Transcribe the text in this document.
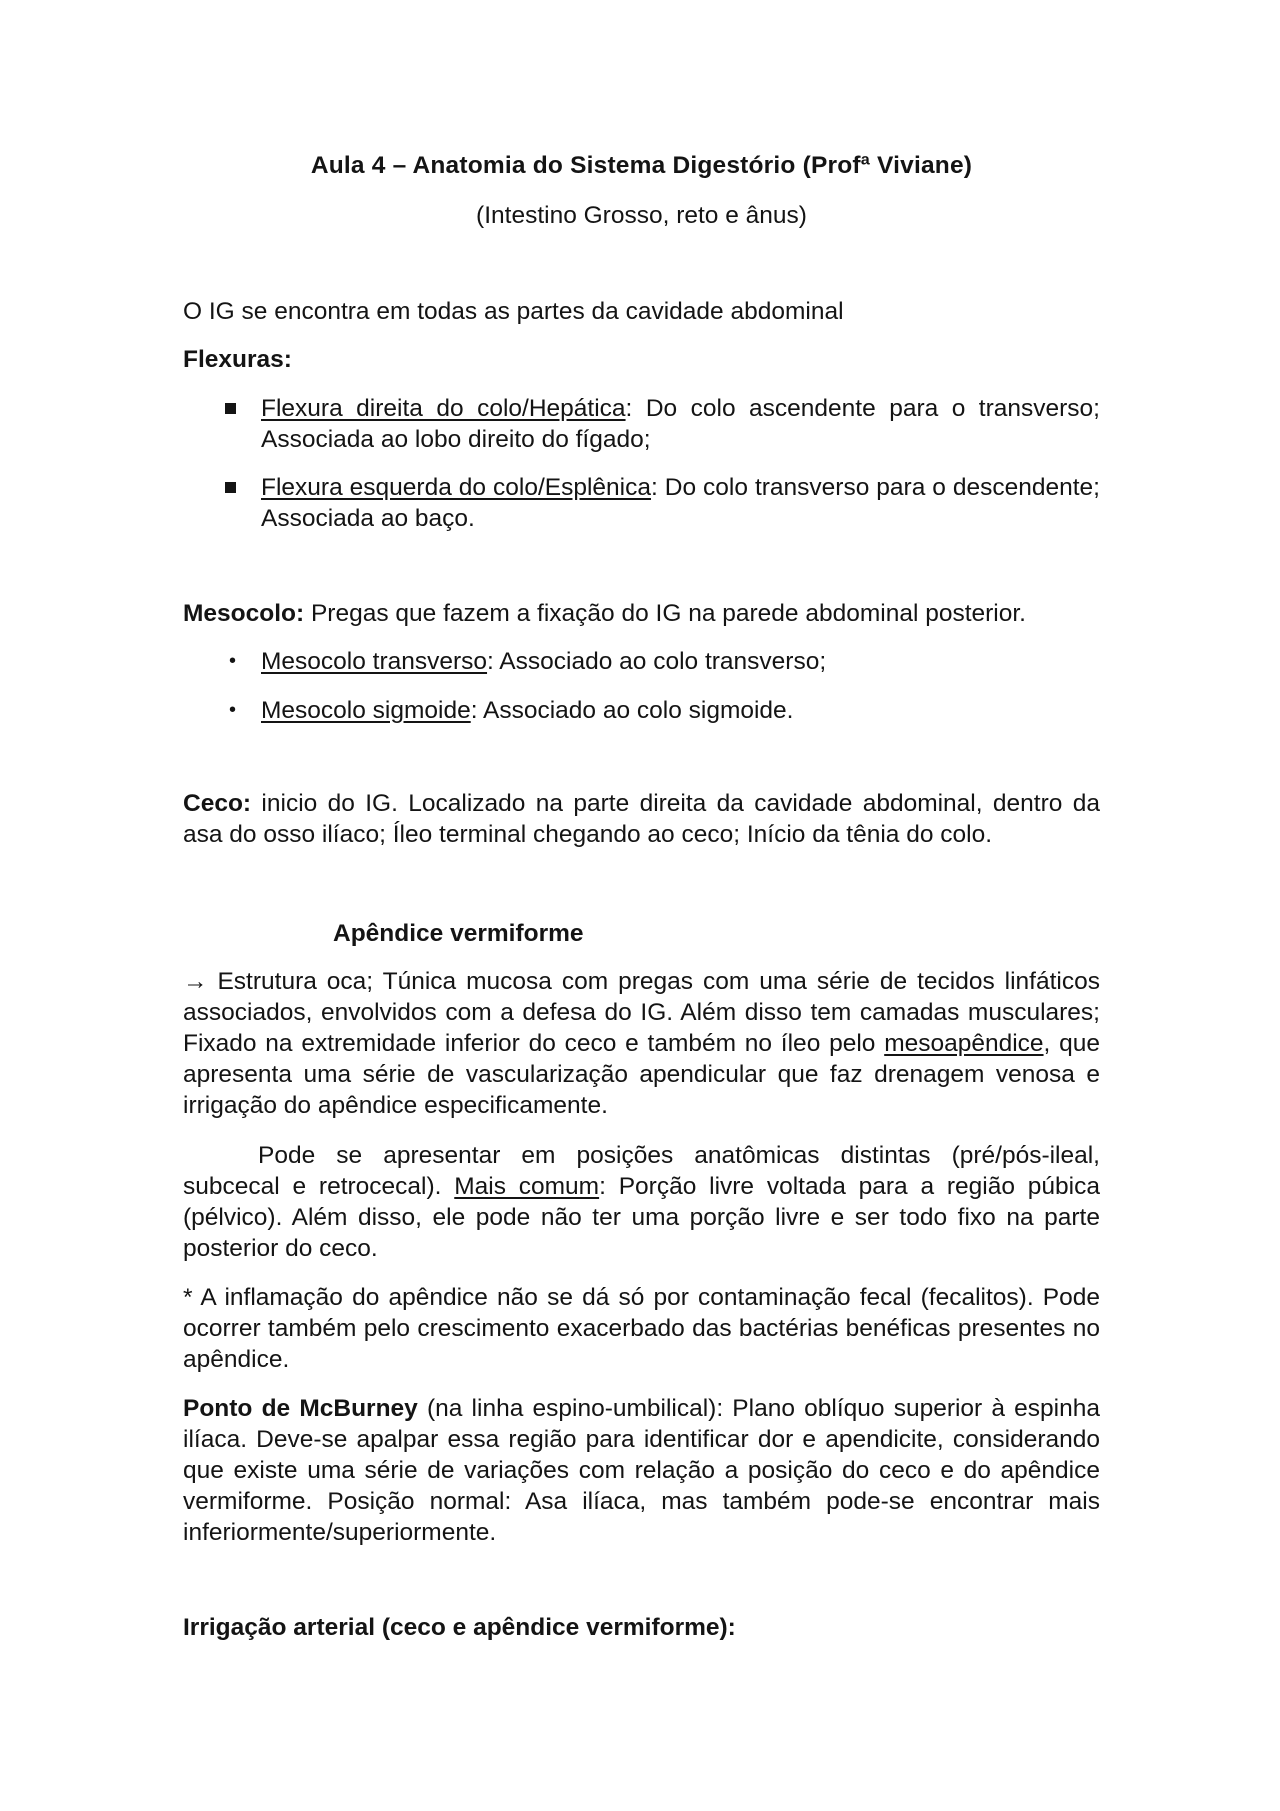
Aula 4 – Anatomia do Sistema Digestório (Profª Viviane)
(Intestino Grosso, reto e ânus)
O IG se encontra em todas as partes da cavidade abdominal
Flexuras:
Flexura direita do colo/Hepática: Do colo ascendente para o transverso; Associada ao lobo direito do fígado;
Flexura esquerda do colo/Esplênica: Do colo transverso para o descendente; Associada ao baço.
Mesocolo: Pregas que fazem a fixação do IG na parede abdominal posterior.
• Mesocolo transverso: Associado ao colo transverso;
• Mesocolo sigmoide: Associado ao colo sigmoide.
Ceco: inicio do IG. Localizado na parte direita da cavidade abdominal, dentro da asa do osso ilíaco; Íleo terminal chegando ao ceco; Início da tênia do colo.
Apêndice vermiforme
→ Estrutura oca; Túnica mucosa com pregas com uma série de tecidos linfáticos associados, envolvidos com a defesa do IG. Além disso tem camadas musculares; Fixado na extremidade inferior do ceco e também no íleo pelo mesoapêndice, que apresenta uma série de vascularização apendicular que faz drenagem venosa e irrigação do apêndice especificamente.
Pode se apresentar em posições anatômicas distintas (pré/pós-ileal, subcecal e retrocecal). Mais comum: Porção livre voltada para a região púbica (pélvico). Além disso, ele pode não ter uma porção livre e ser todo fixo na parte posterior do ceco.
* A inflamação do apêndice não se dá só por contaminação fecal (fecalitos). Pode ocorrer também pelo crescimento exacerbado das bactérias benéficas presentes no apêndice.
Ponto de McBurney (na linha espino-umbilical): Plano oblíquo superior à espinha ilíaca. Deve-se apalpar essa região para identificar dor e apendicite, considerando que existe uma série de variações com relação a posição do ceco e do apêndice vermiforme. Posição normal: Asa ilíaca, mas também pode-se encontrar mais inferiormente/superiormente.
Irrigação arterial (ceco e apêndice vermiforme):
